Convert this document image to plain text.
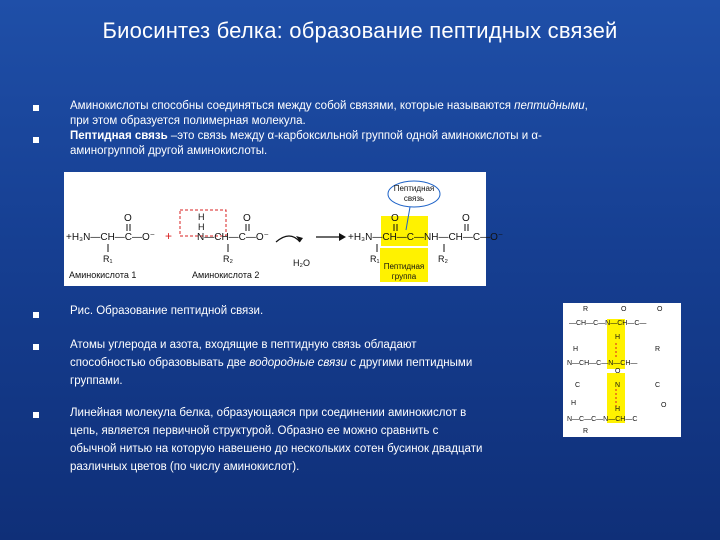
Биосинтез белка: образование пептидных связей
Аминокислоты способны соединяться между собой связями, которые называются пептидными,
при этом образуется полимерная молекула.
Пептидная связь –это связь между α-карбоксильной группой одной аминокислоты и α-
аминогруппой другой аминокислоты.
+H₃N—CH—C—O⁻
O
R₁
+
H
H
N—CH—C—O⁻
O
R₂
Аминокислота 1	Аминокислота 2
H₂O
+H₃N—CH—C—NH—CH—C—O⁻
O	O
R₁	R₂
Пептидная
связь
Пептидная
группа
Рис. Образование пептидной связи.
Атомы углерода и азота, входящие в пептидную связь обладают
способностью образовывать две водородные связи с другими пептидными
группами.
Линейная молекула белка, образующаяся при соединении аминокислот в
цепь, является первичной структурой. Образно ее можно сравнить с
обычной нитью на которую навешено до нескольких сотен бусинок двадцати
различных цветов (по числу аминокислот).
R	O	O
—CH—C—N—CH—C—
H
H	R
N—CH—C—N—CH—
O
C	N	C
H
H
O
N—C—C—N—CH—C
R
